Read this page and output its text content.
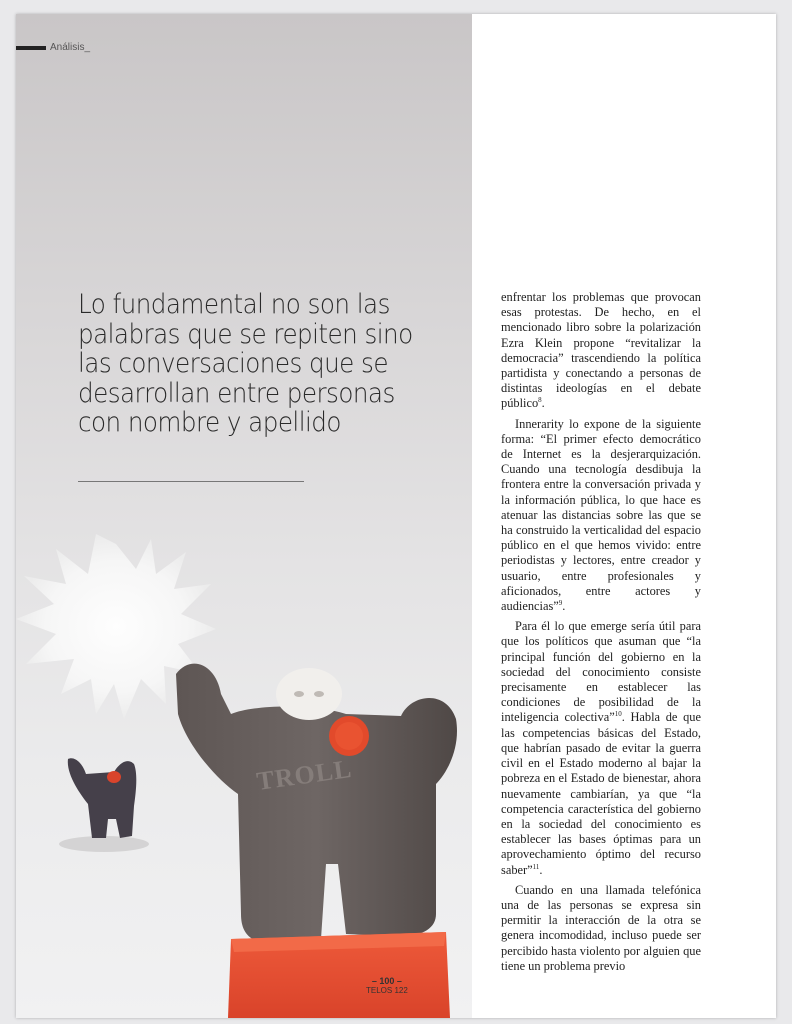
TROLL
Análisis_
Lo fundamental no son las palabras que se repiten sino las conversaciones que se desarrollan entre personas con nombre y apellido
– 100 –
TELOS 122

enfrentar los problemas que provocan esas protestas. De hecho, en el mencionado libro sobre la polarización Ezra Klein propone “revitalizar la democracia” trascendiendo la política partidista y conectando a personas de distintas ideologías en el debate público$^8$.

Innerarity lo expone de la siguiente forma: “El primer efecto democrático de Internet es la desjerarquización. Cuando una tecnología desdibuja la frontera entre la conversación privada y la información pública, lo que hace es atenuar las distancias sobre las que se ha construido la verticalidad del espacio público en el que hemos vivido: entre periodistas y lectores, entre creador y usuario, entre profesionales y aficionados, entre actores y audiencias”$^9$.

Para él lo que emerge sería útil para que los políticos que asuman que “la principal función del gobierno en la sociedad del conocimiento consiste precisamente en establecer las condiciones de posibilidad de la inteligencia colectiva”$^{10}$. Habla de que las competencias básicas del Estado, que habrían pasado de evitar la guerra civil en el Estado moderno al bajar la pobreza en el Estado de bienestar, ahora nuevamente cambiarían, ya que “la competencia característica del gobierno en la sociedad del conocimiento es establecer las bases óptimas para un aprovechamiento óptimo del recurso saber”$^{11}$.

Cuando en una llamada telefónica una de las personas se expresa sin permitir la interacción de la otra se genera incomodidad, incluso puede ser percibido hasta violento por alguien que tiene un problema previo
